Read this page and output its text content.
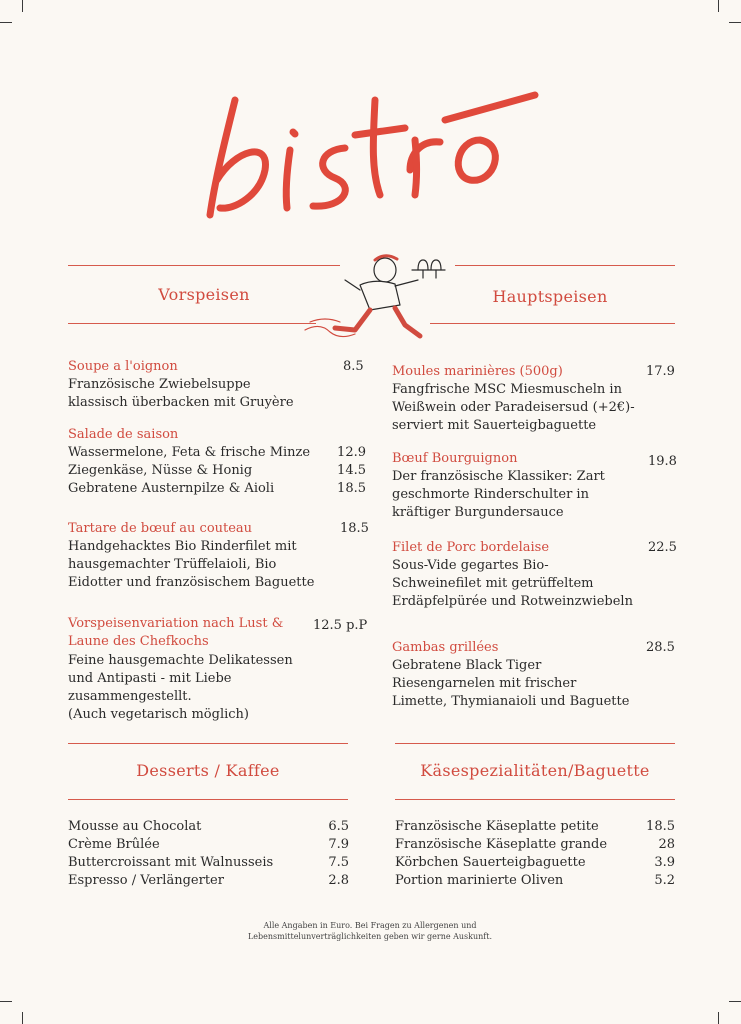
Vorspeisen	Hauptspeisen
Soupe a l'oignon	8.5
Französische Zwiebelsuppe
klassisch überbacken mit Gruyère
Salade de saison
Wassermelone, Feta & frische Minze 12.9
Ziegenkäse, Nüsse & Honig	14.5
Gebratene Austernpilze & Aioli	18.5
Tartare de bœuf au couteau	18.5
Handgehacktes Bio Rinderfilet mit
hausgemachter Trüffelaioli, Bio
Eidotter und französischem Baguette
Vorspeisenvariation nach Lust &
Laune des Chefkochs
12.5 p.P
Feine hausgemachte Delikatessen
und Antipasti - mit Liebe
zusammengestellt.
(Auch vegetarisch möglich)
Moules marinières (500g)	17.9
Fangfrische MSC Miesmuscheln in
Weißwein oder Paradeisersud (+2€)-
serviert mit Sauerteigbaguette
Bœuf Bourguignon	19.8
Der französische Klassiker: Zart
geschmorte Rinderschulter in
kräftiger Burgundersauce
Filet de Porc bordelaise	22.5
Sous-Vide gegartes Bio-
Schweinefilet mit getrüffeltem
Erdäpfelpürée und Rotweinzwiebeln
Gambas grillées	28.5
Gebratene Black Tiger
Riesengarnelen mit frischer
Limette, Thymianaioli und Baguette
Desserts / Kaffee	Käsespezialitäten/Baguette
Mousse au Chocolat	6.5
Crème Brûlée	7.9
Buttercroissant mit Walnusseis	7.5
Espresso / Verlängerter	2.8
Französische Käseplatte petite	18.5
Französische Käseplatte grande	28
Körbchen Sauerteigbaguette	3.9
Portion marinierte Oliven	5.2
Alle Angaben in Euro. Bei Fragen zu Allergenen und
Lebensmittelunverträglichkeiten geben wir gerne Auskunft.
